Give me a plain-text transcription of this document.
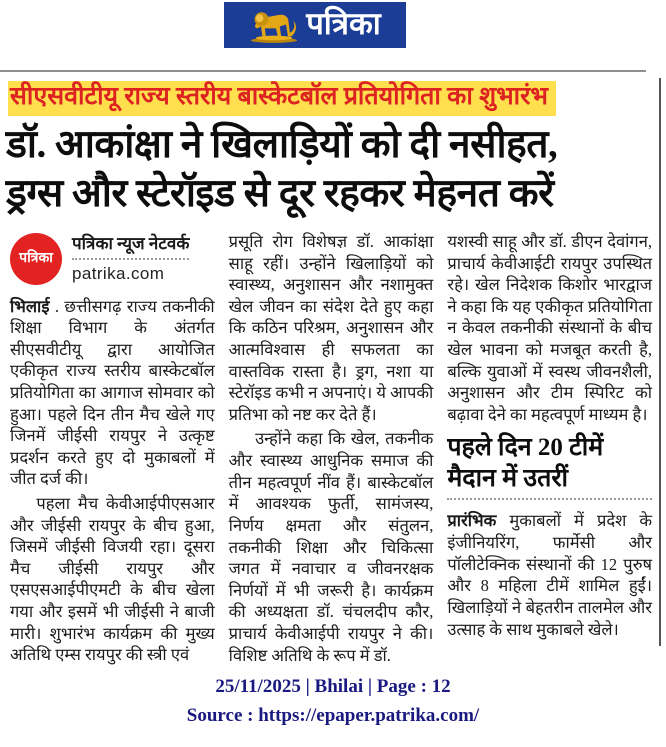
पत्रिका
सीएसवीटीयू राज्य स्तरीय बास्केटबॉल प्रतियोगिता का शुभारंभ
डॉ. आकांक्षा ने खिलाड़ियों को दी नसीहत,
ड्रग्स और स्टेरॉइड से दूर रहकर मेहनत करें
पत्रिका
पत्रिका न्यूज नेटवर्क
patrika.com

भिलाई . छत्तीसगढ़ राज्य तकनीकी शिक्षा विभाग के अंतर्गत सीएसवीटीयू द्वारा आयोजित एकीकृत राज्य स्तरीय बास्केटबॉल प्रतियोगिता का आगाज सोमवार को हुआ। पहले दिन तीन मैच खेले गए जिनमें जीईसी रायपुर ने उत्कृष्ट प्रदर्शन करते हुए दो मुकाबलों में जीत दर्ज की।

पहला मैच केवीआईपीएसआर और जीईसी रायपुर के बीच हुआ, जिसमें जीईसी विजयी रहा। दूसरा मैच जीईसी रायपुर और एसएसआईपीएमटी के बीच खेला गया और इसमें भी जीईसी ने बाजी मारी। शुभारंभ कार्यक्रम की मुख्य अतिथि एम्स रायपुर की स्त्री एवं

प्रसूति रोग विशेषज्ञ डॉ. आकांक्षा साहू रहीं। उन्होंने खिलाड़ियों को स्वास्थ्य, अनुशासन और नशामुक्त खेल जीवन का संदेश देते हुए कहा कि कठिन परिश्रम, अनुशासन और आत्मविश्वास ही सफलता का वास्तविक रास्ता है। ड्रग, नशा या स्टेरॉइड कभी न अपनाएं। ये आपकी प्रतिभा को नष्ट कर देते हैं।

उन्होंने कहा कि खेल, तकनीक और स्वास्थ्य आधुनिक समाज की तीन महत्वपूर्ण नींव हैं। बास्केटबॉल में आवश्यक फुर्ती, सामंजस्य, निर्णय क्षमता और संतुलन, तकनीकी शिक्षा और चिकित्सा जगत में नवाचार व जीवनरक्षक निर्णयों में भी जरूरी है। कार्यक्रम की अध्यक्षता डॉ. चंचलदीप कौर, प्राचार्य केवीआईपी रायपुर ने की। विशिष्ट अतिथि के रूप में डॉ.

यशस्वी साहू और डॉ. डीएन देवांगन, प्राचार्य केवीआईटी रायपुर उपस्थित रहे। खेल निदेशक किशोर भारद्वाज ने कहा कि यह एकीकृत प्रतियोगिता न केवल तकनीकी संस्थानों के बीच खेल भावना को मजबूत करती है, बल्कि युवाओं में स्वस्थ जीवनशैली, अनुशासन और टीम स्पिरिट को बढ़ावा देने का महत्वपूर्ण माध्यम है।

पहले दिन 20 टीमें
मैदान में उतरीं

प्रारंभिक मुकाबलों में प्रदेश के इंजीनियरिंग, फार्मेसी और पॉलीटेक्निक संस्थानों की 12 पुरुष और 8 महिला टीमें शामिल हुईं। खिलाड़ियों ने बेहतरीन तालमेल और उत्साह के साथ मुकाबले खेले।

25/11/2025 | Bhilai | Page : 12
Source : https://epaper.patrika.com/
